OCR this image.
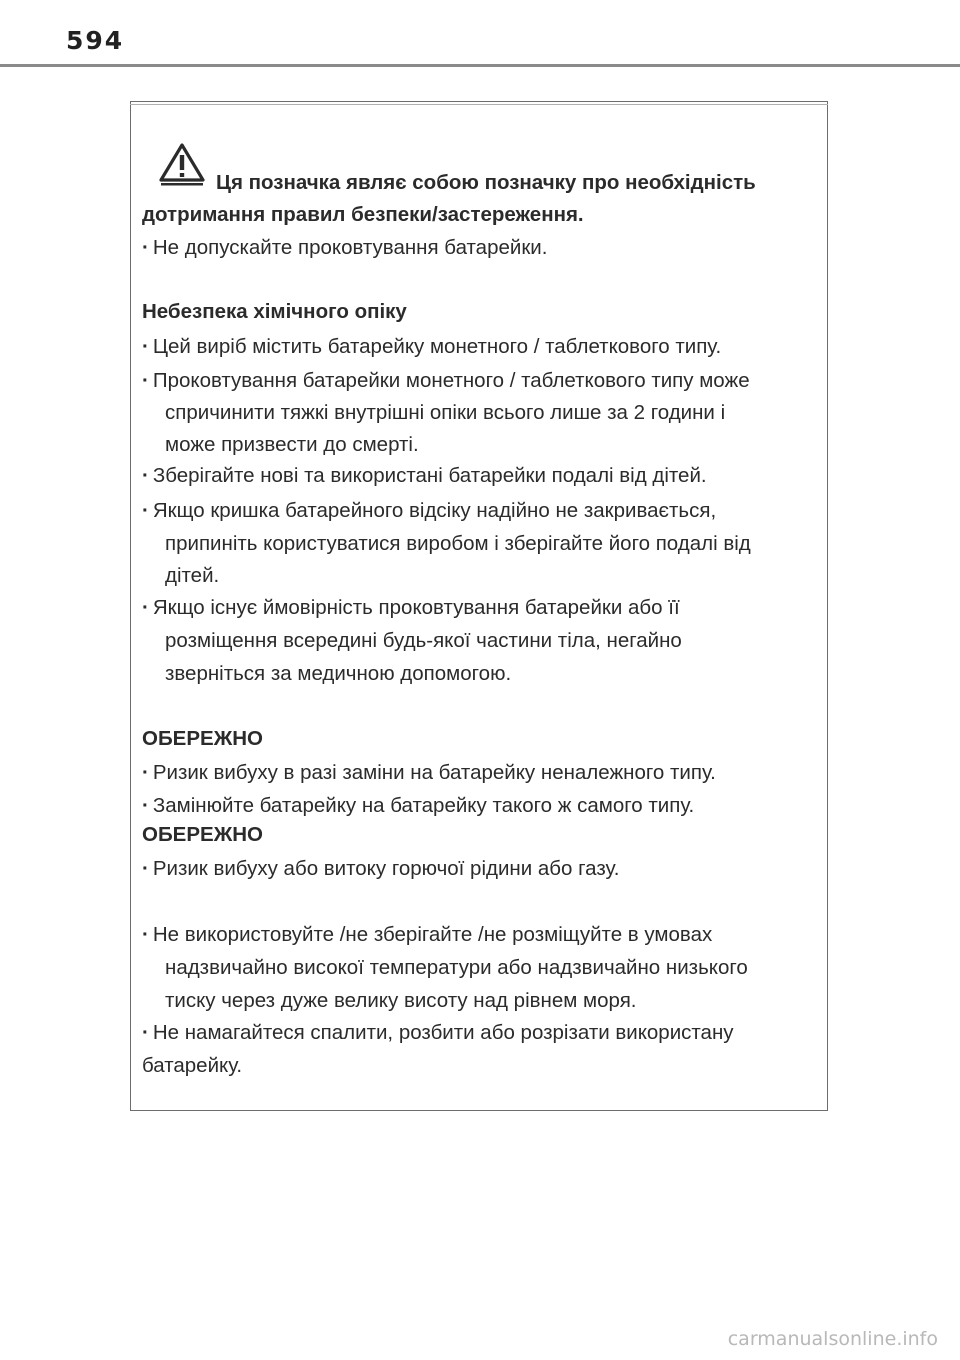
594
Ця позначка являє собою позначку про необхідність
дотримання правил безпеки/застереження.
· Не допускайте проковтування батарейки.
Небезпека хімічного опіку
· Цей виріб містить батарейку монетного / таблеткового типу.
· Проковтування батарейки монетного / таблеткового типу може
спричинити тяжкі внутрішні опіки всього лише за 2 години і
може призвести до смерті.
· Зберігайте нові та використані батарейки подалі від дітей.
· Якщо кришка батарейного відсіку надійно не закривається,
припиніть користуватися виробом і зберігайте його подалі від
дітей.
· Якщо існує ймовірність проковтування батарейки або її
розміщення всередині будь-якої частини тіла, негайно
зверніться за медичною допомогою.
ОБЕРЕЖНО
· Ризик вибуху в разі заміни на батарейку неналежного типу.
· Замінюйте батарейку на батарейку такого ж самого типу.
ОБЕРЕЖНО
· Ризик вибуху або витоку горючої рідини або газу.
· Не використовуйте /не зберігайте /не розміщуйте в умовах
надзвичайно високої температури або надзвичайно низького
тиску через дуже велику висоту над рівнем моря.
· Не намагайтеся спалити, розбити або розрізати використану
батарейку.
carmanualsonline.info
